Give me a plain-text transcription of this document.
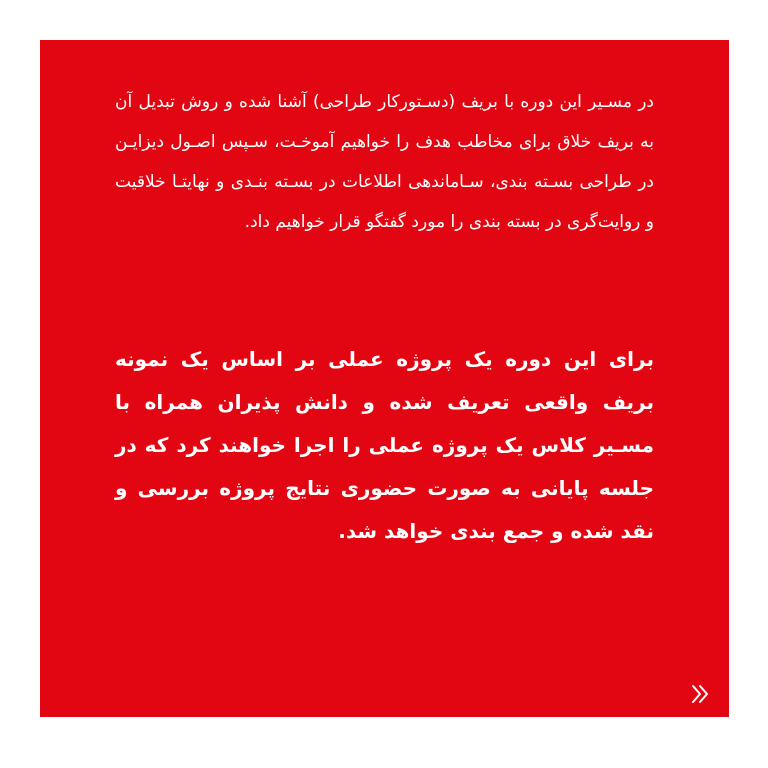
در مسـیر این دوره با بریف (دسـتورکار طراحی) آشنا شده و روش تبدیل آن به بریف خلاق برای مخاطب هدف را خواهیم آموخـت، سـپس اصـول دیزایـن در طراحی بسـته بندی، سـاماندهی اطلاعات در بسـته بنـدی و نهایتـا خلاقیت و روایت‌گری در بسته بندی را مورد گفتگو قرار خواهیم داد.

برای این دوره یک پروژه عملی بر اساس یک نمونه بریف واقعی تعریف شده و دانش پذیران همراه با مسـیر کلاس یک پروژه عملی را اجرا خواهند کرد که در جلسه پایانی به صورت حضوری نتایج پروژه بررسی و نقد شده و جمع بندی خواهد شد.
